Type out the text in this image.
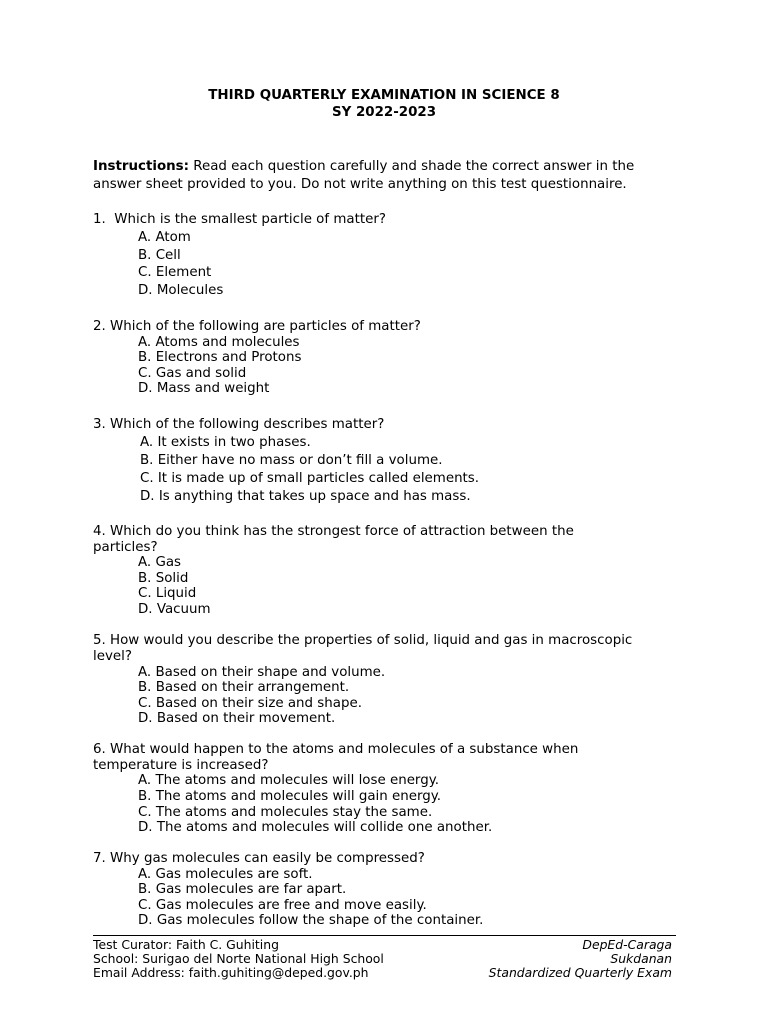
THIRD QUARTERLY EXAMINATION IN SCIENCE 8
SY 2022-2023
Instructions: Read each question carefully and shade the correct answer in the answer sheet provided to you. Do not write anything on this test questionnaire.
1. Which is the smallest particle of matter?
A. Atom
B. Cell
C. Element
D. Molecules
2. Which of the following are particles of matter?
A. Atoms and molecules
B. Electrons and Protons
C. Gas and solid
D. Mass and weight
3. Which of the following describes matter?
A. It exists in two phases.
B. Either have no mass or don’t fill a volume.
C. It is made up of small particles called elements.
D. Is anything that takes up space and has mass.
4. Which do you think has the strongest force of attraction between the
particles?
A. Gas
B. Solid
C. Liquid
D. Vacuum
5. How would you describe the properties of solid, liquid and gas in macroscopic
level?
A. Based on their shape and volume.
B. Based on their arrangement.
C. Based on their size and shape.
D. Based on their movement.
6. What would happen to the atoms and molecules of a substance when
temperature is increased?
A. The atoms and molecules will lose energy.
B. The atoms and molecules will gain energy.
C. The atoms and molecules stay the same.
D. The atoms and molecules will collide one another.
7. Why gas molecules can easily be compressed?
A. Gas molecules are soft.
B. Gas molecules are far apart.
C. Gas molecules are free and move easily.
D. Gas molecules follow the shape of the container.
Test Curator: Faith C. Guhiting
School: Surigao del Norte National High School
Email Address: faith.guhiting@deped.gov.ph
DepEd-Caraga
Sukdanan
Standardized Quarterly Exam
